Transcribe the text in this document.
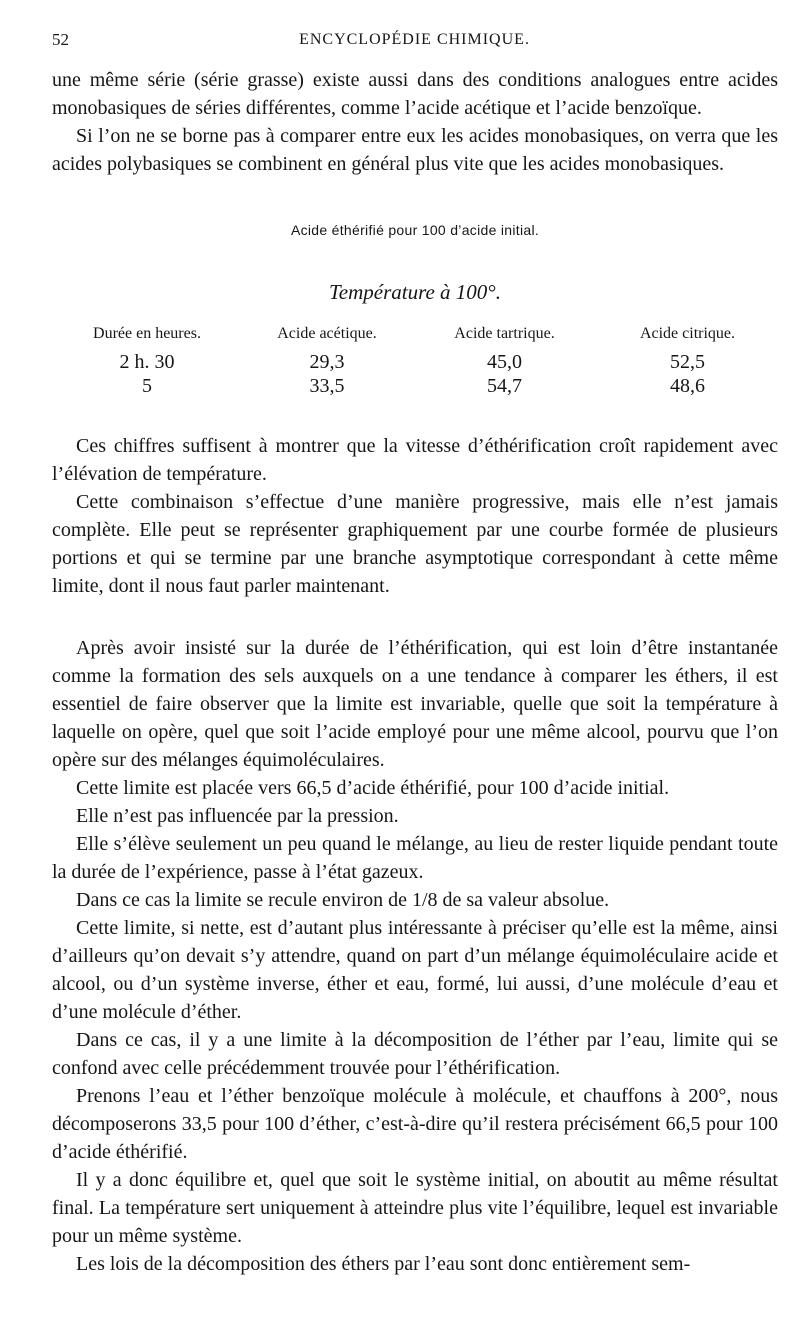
52	ENCYCLOPÉDIE CHIMIQUE.

une même série (série grasse) existe aussi dans des conditions analogues entre acides monobasiques de séries différentes, comme l’acide acétique et l’acide benzoïque.

Si l’on ne se borne pas à comparer entre eux les acides monobasiques, on verra que les acides polybasiques se combinent en général plus vite que les acides monobasiques.

Acide éthérifié pour 100 d’acide initial.

Température à 100°.

Durée en heures.	Acide acétique.	Acide tartrique.	Acide citrique.
2 h. 30	29,3	45,0	52,5
5	33,5	54,7	48,6

Ces chiffres suffisent à montrer que la vitesse d’éthérification croît rapidement avec l’élévation de température.

Cette combinaison s’effectue d’une manière progressive, mais elle n’est jamais complète. Elle peut se représenter graphiquement par une courbe formée de plusieurs portions et qui se termine par une branche asymptotique correspondant à cette même limite, dont il nous faut parler maintenant.

Après avoir insisté sur la durée de l’éthérification, qui est loin d’être instantanée comme la formation des sels auxquels on a une tendance à comparer les éthers, il est essentiel de faire observer que la limite est invariable, quelle que soit la température à laquelle on opère, quel que soit l’acide employé pour une même alcool, pourvu que l’on opère sur des mélanges équimoléculaires.

Cette limite est placée vers 66,5 d’acide éthérifié, pour 100 d’acide initial.

Elle n’est pas influencée par la pression.

Elle s’élève seulement un peu quand le mélange, au lieu de rester liquide pendant toute la durée de l’expérience, passe à l’état gazeux.

Dans ce cas la limite se recule environ de 1/8 de sa valeur absolue.

Cette limite, si nette, est d’autant plus intéressante à préciser qu’elle est la même, ainsi d’ailleurs qu’on devait s’y attendre, quand on part d’un mélange équimoléculaire acide et alcool, ou d’un système inverse, éther et eau, formé, lui aussi, d’une molécule d’eau et d’une molécule d’éther.

Dans ce cas, il y a une limite à la décomposition de l’éther par l’eau, limite qui se confond avec celle précédemment trouvée pour l’éthérification.

Prenons l’eau et l’éther benzoïque molécule à molécule, et chauffons à 200°, nous décomposerons 33,5 pour 100 d’éther, c’est-à-dire qu’il restera précisément 66,5 pour 100 d’acide éthérifié.

Il y a donc équilibre et, quel que soit le système initial, on aboutit au même résultat final. La température sert uniquement à atteindre plus vite l’équilibre, lequel est invariable pour un même système.

Les lois de la décomposition des éthers par l’eau sont donc entièrement sem-
